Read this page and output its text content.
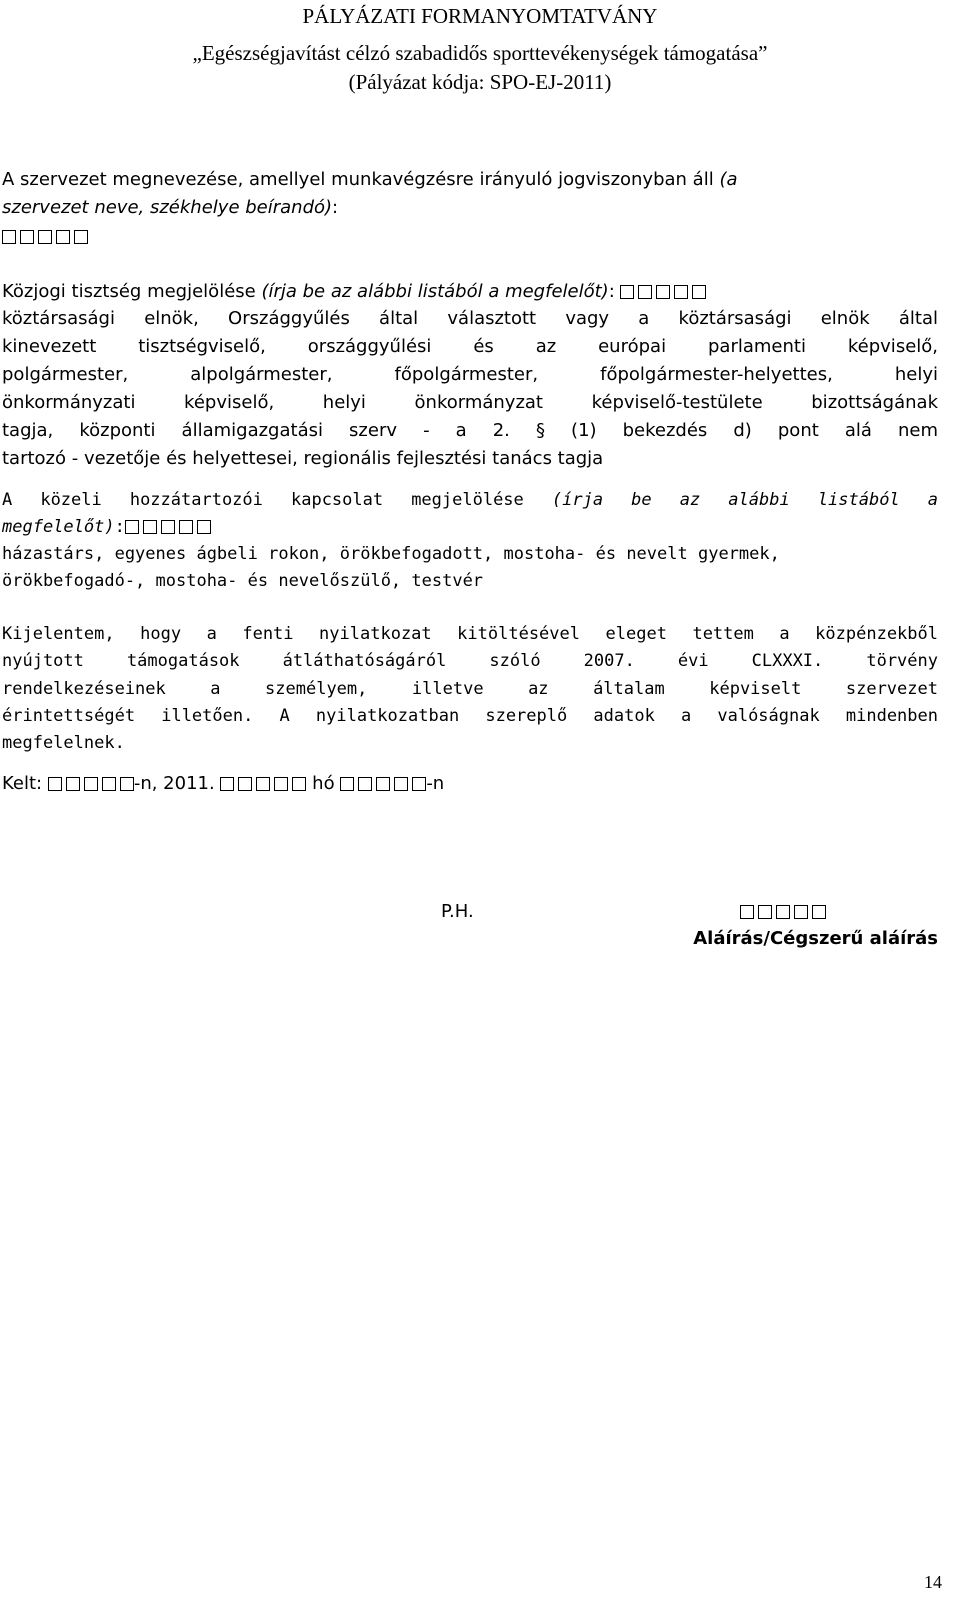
PÁLYÁZATI FORMANYOMTATVÁNY
„Egészségjavítást célzó szabadidős sporttevékenységek támogatása”
(Pályázat kódja: SPO-EJ-2011)
A szervezet megnevezése, amellyel munkavégzésre irányuló jogviszonyban áll (a
szervezet neve, székhelye beírandó):
Közjogi tisztség megjelölése (írja be az alábbi listából a megfelelőt):
köztársasági elnök, Országgyűlés által választott vagy a köztársasági elnök által
kinevezett tisztségviselő, országgyűlési és az európai parlamenti képviselő,
polgármester, alpolgármester, főpolgármester, főpolgármester-helyettes, helyi
önkormányzati képviselő, helyi önkormányzat képviselő-testülete bizottságának
tagja, központi államigazgatási szerv - a 2. § (1) bekezdés d) pont alá nem
tartozó - vezetője és helyettesei, regionális fejlesztési tanács tagja
A közeli hozzátartozói kapcsolat megjelölése (írja be az alábbi listából a
megfelelőt):
házastárs, egyenes ágbeli rokon, örökbefogadott, mostoha- és nevelt gyermek,
örökbefogadó-, mostoha- és nevelőszülő, testvér
Kijelentem, hogy a fenti nyilatkozat kitöltésével eleget tettem a közpénzekből
nyújtott támogatások átláthatóságáról szóló 2007. évi CLXXXI. törvény
rendelkezéseinek a személyem, illetve az általam képviselt szervezet
érintettségét illetően. A nyilatkozatban szereplő adatok a valóságnak mindenben
megfelelnek.
Kelt:	-n, 2011.	hó	-n
P.H.
Aláírás/Cégszerű aláírás
14
